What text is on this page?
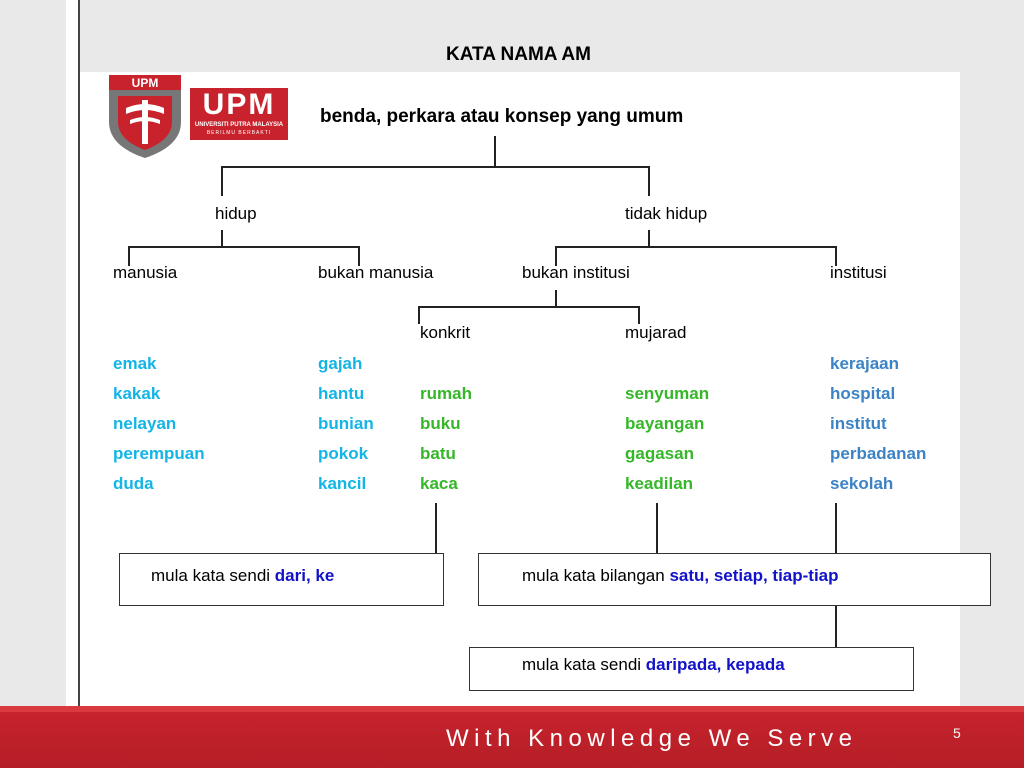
UPM
UPM
UNIVERSITI PUTRA MALAYSIA
BERILMU BERBAKTI
KATA NAMA AM
benda, perkara atau konsep yang umum
hidup	tidak hidup
manusia	bukan manusia	bukan institusi	institusi
konkrit	mujarad
emak
kakak
nelayan
perempuan
duda
gajah
hantu
bunian
pokok
kancil
rumah
buku
batu
kaca
senyuman
bayangan
gagasan
keadilan
kerajaan
hospital
institut
perbadanan
sekolah
mula kata sendi dari, ke	mula kata bilangan satu, setiap, tiap-tiap
mula kata sendi daripada, kepada
With Knowledge We Serve	5
